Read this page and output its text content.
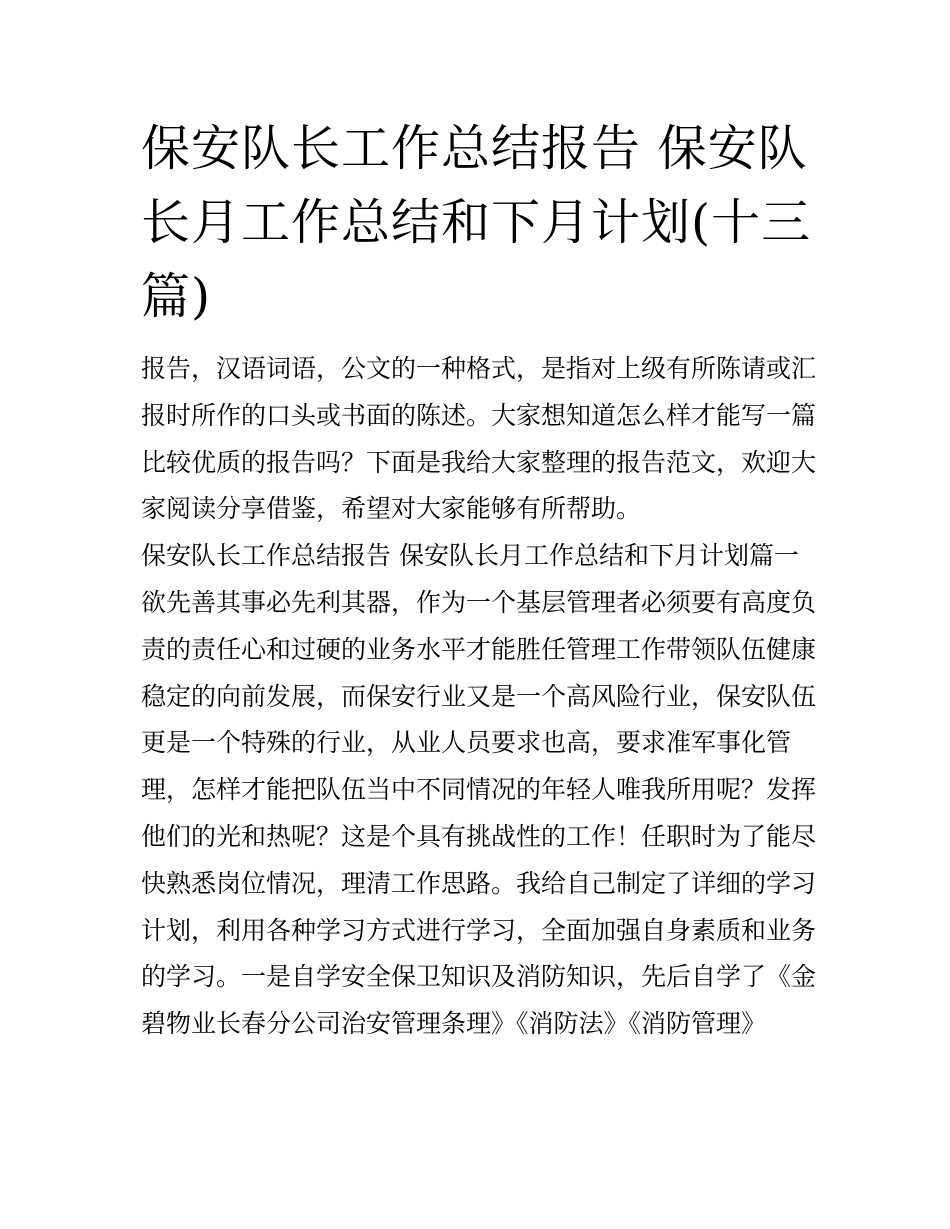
保安队长工作总结报告 保安队长月工作总结和下月计划(十三篇)

报告，汉语词语，公文的一种格式，是指对上级有所陈请或汇
报时所作的口头或书面的陈述。大家想知道怎么样才能写一篇
比较优质的报告吗？下面是我给大家整理的报告范文，欢迎大
家阅读分享借鉴，希望对大家能够有所帮助。

保安队长工作总结报告 保安队长月工作总结和下月计划篇一

欲先善其事必先利其器，作为一个基层管理者必须要有高度负
责的责任心和过硬的业务水平才能胜任管理工作带领队伍健康
稳定的向前发展，而保安行业又是一个高风险行业，保安队伍
更是一个特殊的行业，从业人员要求也高，要求准军事化管
理，怎样才能把队伍当中不同情况的年轻人唯我所用呢？发挥
他们的光和热呢？这是个具有挑战性的工作！任职时为了能尽
快熟悉岗位情况，理清工作思路。我给自己制定了详细的学习
计划，利用各种学习方式进行学习，全面加强自身素质和业务
的学习。一是自学安全保卫知识及消防知识，先后自学了《金
碧物业长春分公司治安管理条理》《消防法》《消防管理》
